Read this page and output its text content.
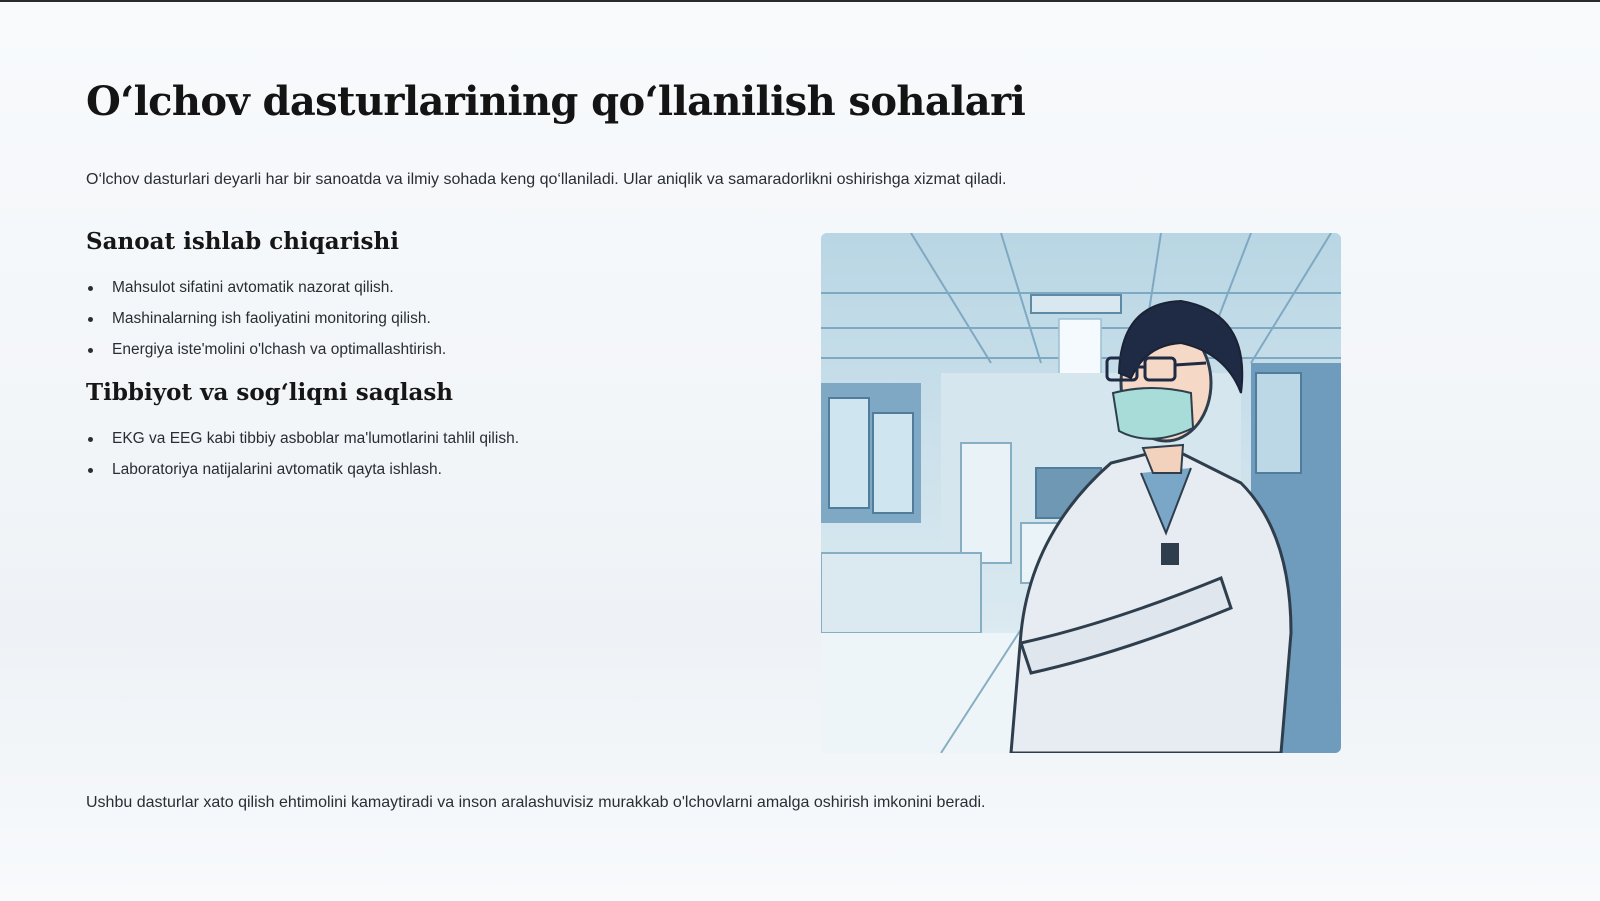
O‘lchov dasturlarining qo‘llanilish sohalari
O‘lchov dasturlari deyarli har bir sanoatda va ilmiy sohada keng qo‘llaniladi. Ular aniqlik va samaradorlikni oshirishga xizmat qiladi.
Sanoat ishlab chiqarishi
Mahsulot sifatini avtomatik nazorat qilish.
Mashinalarning ish faoliyatini monitoring qilish.
Energiya iste'molini o'lchash va optimallashtirish.
Tibbiyot va sog‘liqni saqlash
EKG va EEG kabi tibbiy asboblar ma'lumotlarini tahlil qilish.
Laboratoriya natijalarini avtomatik qayta ishlash.
Ushbu dasturlar xato qilish ehtimolini kamaytiradi va inson aralashuvisiz murakkab o'lchovlarni amalga oshirish imkonini beradi.
